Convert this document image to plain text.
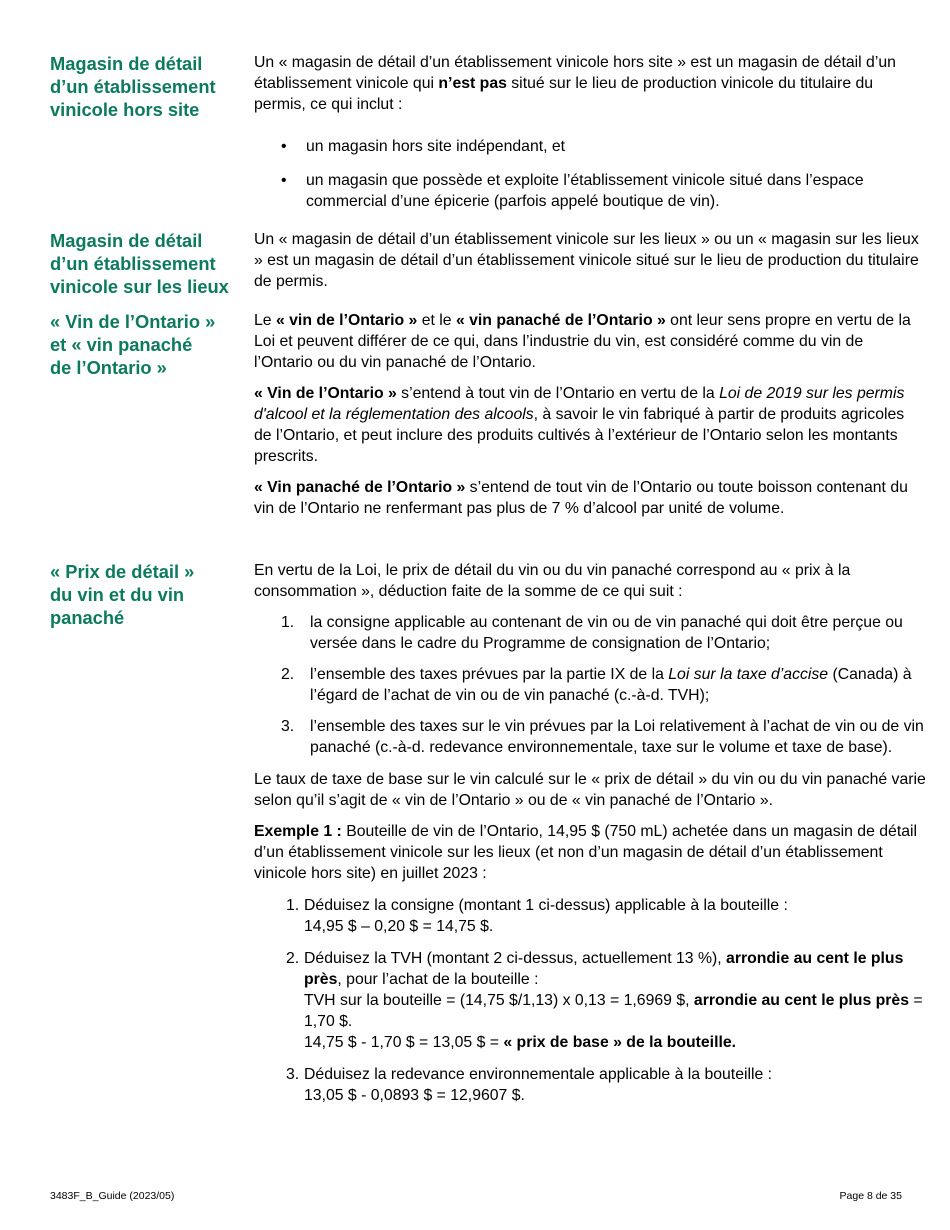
Magasin de détail
d’un établissement
vinicole hors site

Un « magasin de détail d’un établissement vinicole hors site » est un magasin de détail d’un établissement vinicole qui n’est pas situé sur le lieu de production vinicole du titulaire du permis, ce qui inclut :

• un magasin hors site indépendant, et
• un magasin que possède et exploite l’établissement vinicole situé dans l’espace commercial d’une épicerie (parfois appelé boutique de vin).
Magasin de détail
d’un établissement
vinicole sur les lieux

Un « magasin de détail d’un établissement vinicole sur les lieux » ou un « magasin sur les lieux » est un magasin de détail d’un établissement vinicole situé sur le lieu de production du titulaire de permis.

« Vin de l’Ontario »
et « vin panaché
de l’Ontario »

Le « vin de l’Ontario » et le « vin panaché de l’Ontario » ont leur sens propre en vertu de la Loi et peuvent différer de ce qui, dans l’industrie du vin, est considéré comme du vin de l’Ontario ou du vin panaché de l’Ontario.

« Vin de l’Ontario » s’entend à tout vin de l’Ontario en vertu de la Loi de 2019 sur les permis d'alcool et la réglementation des alcools, à savoir le vin fabriqué à partir de produits agricoles de l’Ontario, et peut inclure des produits cultivés à l’extérieur de l’Ontario selon les montants prescrits.

« Vin panaché de l’Ontario » s’entend de tout vin de l’Ontario ou toute boisson contenant du vin de l’Ontario ne renfermant pas plus de 7 % d’alcool par unité de volume.

« Prix de détail »
du vin et du vin
panaché

En vertu de la Loi, le prix de détail du vin ou du vin panaché correspond au « prix à la consommation », déduction faite de la somme de ce qui suit :

1. la consigne applicable au contenant de vin ou de vin panaché qui doit être perçue ou versée dans le cadre du Programme de consignation de l’Ontario;
2. l’ensemble des taxes prévues par la partie IX de la Loi sur la taxe d’accise (Canada) à l’égard de l’achat de vin ou de vin panaché (c.-à-d. TVH);
3. l’ensemble des taxes sur le vin prévues par la Loi relativement à l’achat de vin ou de vin panaché (c.-à-d. redevance environnementale, taxe sur le volume et taxe de base).

Le taux de taxe de base sur le vin calculé sur le « prix de détail » du vin ou du vin panaché varie selon qu’il s’agit de « vin de l’Ontario » ou de « vin panaché de l’Ontario ».

Exemple 1 : Bouteille de vin de l’Ontario, 14,95 $ (750 mL) achetée dans un magasin de détail d’un établissement vinicole sur les lieux (et non d’un magasin de détail d’un établissement vinicole hors site) en juillet 2023 :

1. Déduisez la consigne (montant 1 ci-dessus) applicable à la bouteille :
14,95 $ – 0,20 $ = 14,75 $.
2. Déduisez la TVH (montant 2 ci-dessus, actuellement 13 %), arrondie au cent le plus près, pour l’achat de la bouteille :
TVH sur la bouteille = (14,75 $/1,13) x 0,13 = 1,6969 $, arrondie au cent le plus près = 1,70 $.
14,75 $ - 1,70 $ = 13,05 $ = « prix de base » de la bouteille.
3. Déduisez la redevance environnementale applicable à la bouteille :
13,05 $ - 0,0893 $ = 12,9607 $.
3483F_B_Guide (2023/05)	Page 8 de 35
